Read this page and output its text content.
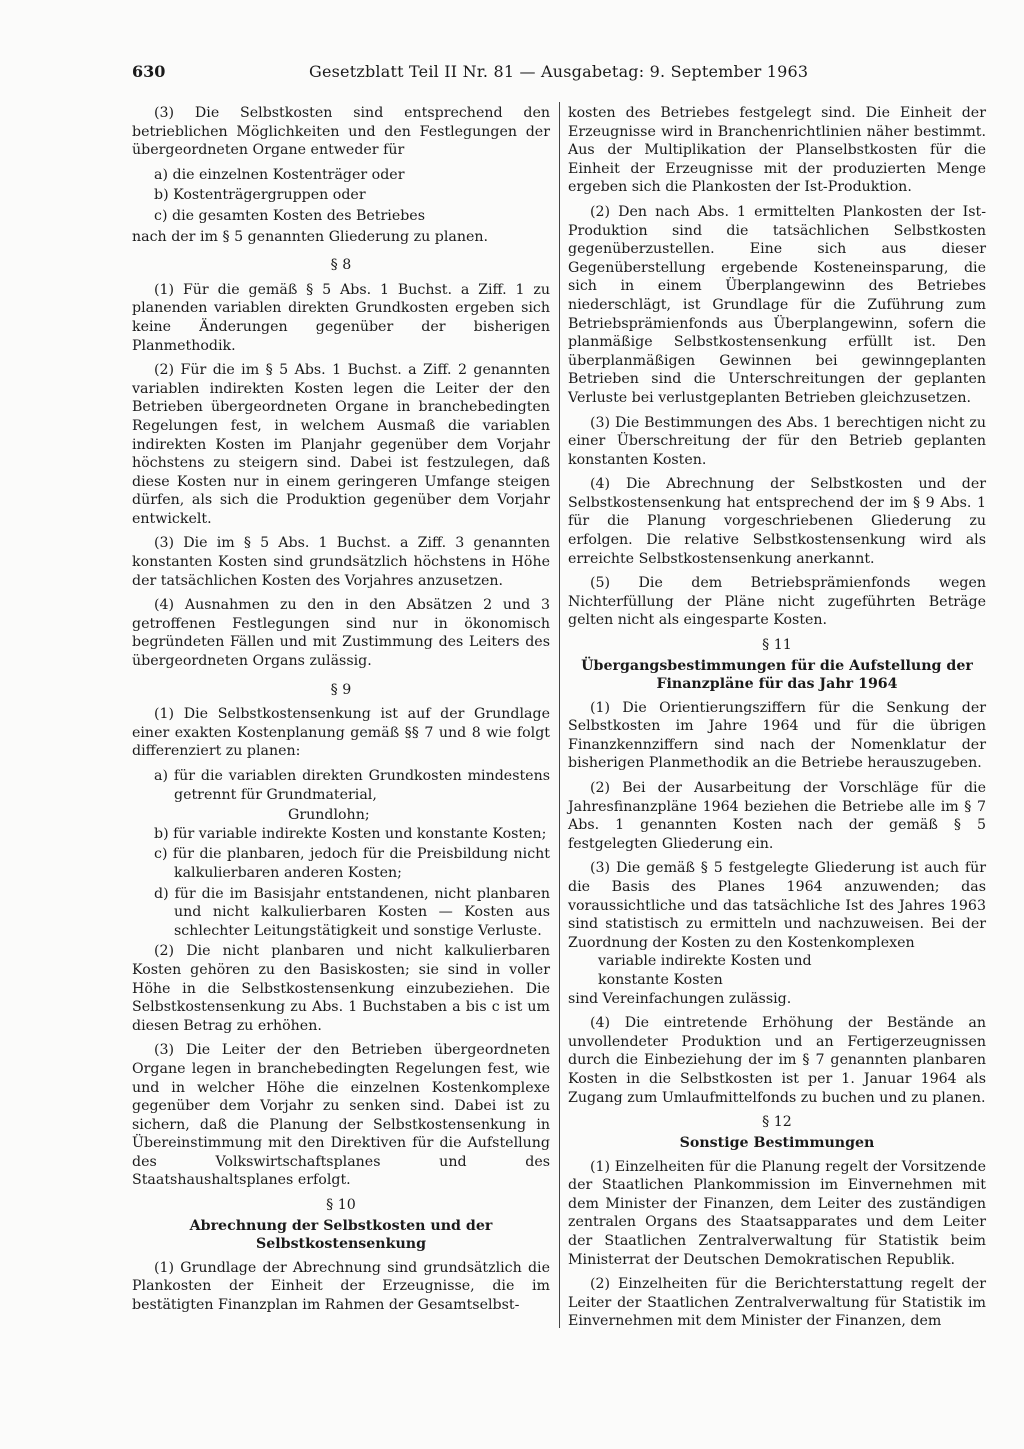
630	Gesetzblatt Teil II Nr. 81 — Ausgabetag: 9. September 1963

(3) Die Selbstkosten sind entsprechend den betrieblichen Möglichkeiten und den Festlegungen der übergeordneten Organe entweder für

a) die einzelnen Kostenträger oder

b) Kostenträgergruppen oder

c) die gesamten Kosten des Betriebes

nach der im § 5 genannten Gliederung zu planen.

§ 8

(1) Für die gemäß § 5 Abs. 1 Buchst. a Ziff. 1 zu planenden variablen direkten Grundkosten ergeben sich keine Änderungen gegenüber der bisherigen Planmethodik.

(2) Für die im § 5 Abs. 1 Buchst. a Ziff. 2 genannten variablen indirekten Kosten legen die Leiter der den Betrieben übergeordneten Organe in branchebedingten Regelungen fest, in welchem Ausmaß die variablen indirekten Kosten im Planjahr gegenüber dem Vorjahr höchstens zu steigern sind. Dabei ist festzulegen, daß diese Kosten nur in einem geringeren Umfange steigen dürfen, als sich die Produktion gegenüber dem Vorjahr entwickelt.

(3) Die im § 5 Abs. 1 Buchst. a Ziff. 3 genannten konstanten Kosten sind grundsätzlich höchstens in Höhe der tatsächlichen Kosten des Vorjahres anzusetzen.

(4) Ausnahmen zu den in den Absätzen 2 und 3 getroffenen Festlegungen sind nur in ökonomisch begründeten Fällen und mit Zustimmung des Leiters des übergeordneten Organs zulässig.

§ 9

(1) Die Selbstkostensenkung ist auf der Grundlage einer exakten Kostenplanung gemäß §§ 7 und 8 wie folgt differenziert zu planen:

a) für die variablen direkten Grundkosten mindestens getrennt für Grundmaterial,

Grundlohn;

b) für variable indirekte Kosten und konstante Kosten;

c) für die planbaren, jedoch für die Preisbildung nicht kalkulierbaren anderen Kosten;

d) für die im Basisjahr entstandenen, nicht planbaren und nicht kalkulierbaren Kosten — Kosten aus schlechter Leitungstätigkeit und sonstige Verluste.

(2) Die nicht planbaren und nicht kalkulierbaren Kosten gehören zu den Basiskosten; sie sind in voller Höhe in die Selbstkostensenkung einzubeziehen. Die Selbstkostensenkung zu Abs. 1 Buchstaben a bis c ist um diesen Betrag zu erhöhen.

(3) Die Leiter der den Betrieben übergeordneten Organe legen in branchebedingten Regelungen fest, wie und in welcher Höhe die einzelnen Kostenkomplexe gegenüber dem Vorjahr zu senken sind. Dabei ist zu sichern, daß die Planung der Selbstkostensenkung in Übereinstimmung mit den Direktiven für die Aufstellung des Volkswirtschaftsplanes und des Staatshaushaltsplanes erfolgt.

§ 10

Abrechnung der Selbstkosten und der Selbstkostensenkung

(1) Grundlage der Abrechnung sind grundsätzlich die Plankosten der Einheit der Erzeugnisse, die im bestätigten Finanzplan im Rahmen der Gesamtselbst-

kosten des Betriebes festgelegt sind. Die Einheit der Erzeugnisse wird in Branchenrichtlinien näher bestimmt. Aus der Multiplikation der Planselbstkosten für die Einheit der Erzeugnisse mit der produzierten Menge ergeben sich die Plankosten der Ist-Produktion.

(2) Den nach Abs. 1 ermittelten Plankosten der Ist-Produktion sind die tatsächlichen Selbstkosten gegenüberzustellen. Eine sich aus dieser Gegenüberstellung ergebende Kosteneinsparung, die sich in einem Überplangewinn des Betriebes niederschlägt, ist Grundlage für die Zuführung zum Betriebsprämienfonds aus Überplangewinn, sofern die planmäßige Selbstkostensenkung erfüllt ist. Den überplanmäßigen Gewinnen bei gewinngeplanten Betrieben sind die Unterschreitungen der geplanten Verluste bei verlustgeplanten Betrieben gleichzusetzen.

(3) Die Bestimmungen des Abs. 1 berechtigen nicht zu einer Überschreitung der für den Betrieb geplanten konstanten Kosten.

(4) Die Abrechnung der Selbstkosten und der Selbstkostensenkung hat entsprechend der im § 9 Abs. 1 für die Planung vorgeschriebenen Gliederung zu erfolgen. Die relative Selbstkostensenkung wird als erreichte Selbstkostensenkung anerkannt.

(5) Die dem Betriebsprämienfonds wegen Nichterfüllung der Pläne nicht zugeführten Beträge gelten nicht als eingesparte Kosten.

§ 11

Übergangsbestimmungen für die Aufstellung der Finanzpläne für das Jahr 1964

(1) Die Orientierungsziffern für die Senkung der Selbstkosten im Jahre 1964 und für die übrigen Finanzkennziffern sind nach der Nomenklatur der bisherigen Planmethodik an die Betriebe herauszugeben.

(2) Bei der Ausarbeitung der Vorschläge für die Jahresfinanzpläne 1964 beziehen die Betriebe alle im § 7 Abs. 1 genannten Kosten nach der gemäß § 5 festgelegten Gliederung ein.

(3) Die gemäß § 5 festgelegte Gliederung ist auch für die Basis des Planes 1964 anzuwenden; das voraussichtliche und das tatsächliche Ist des Jahres 1963 sind statistisch zu ermitteln und nachzuweisen. Bei der Zuordnung der Kosten zu den Kostenkomplexen

variable indirekte Kosten und

konstante Kosten

sind Vereinfachungen zulässig.

(4) Die eintretende Erhöhung der Bestände an unvollendeter Produktion und an Fertigerzeugnissen durch die Einbeziehung der im § 7 genannten planbaren Kosten in die Selbstkosten ist per 1. Januar 1964 als Zugang zum Umlaufmittelfonds zu buchen und zu planen.

§ 12

Sonstige Bestimmungen

(1) Einzelheiten für die Planung regelt der Vorsitzende der Staatlichen Plankommission im Einvernehmen mit dem Minister der Finanzen, dem Leiter des zuständigen zentralen Organs des Staatsapparates und dem Leiter der Staatlichen Zentralverwaltung für Statistik beim Ministerrat der Deutschen Demokratischen Republik.

(2) Einzelheiten für die Berichterstattung regelt der Leiter der Staatlichen Zentralverwaltung für Statistik im Einvernehmen mit dem Minister der Finanzen, dem
